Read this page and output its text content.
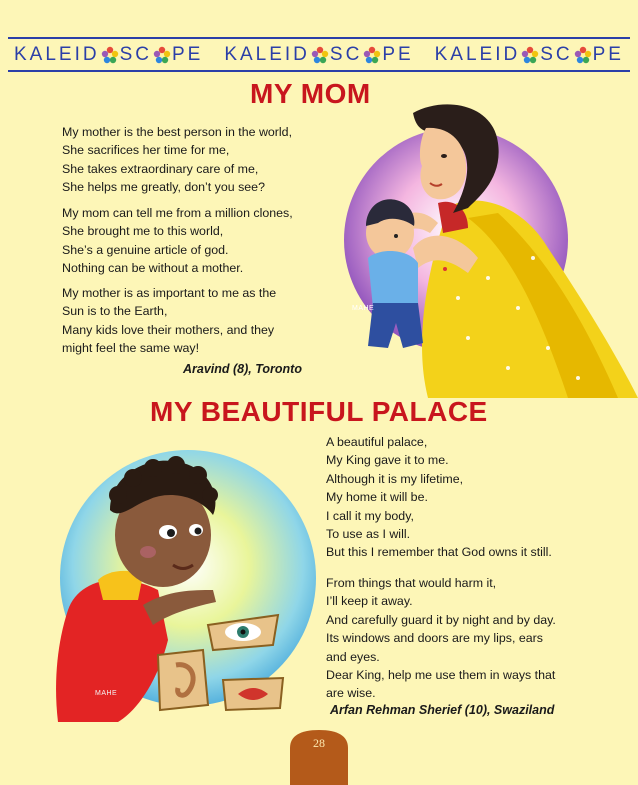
KALEID SC PE KALEID SC PE KALEID SC PE
MY MOM
My mother is the best person in the world,
She sacrifices her time for me,
She takes extraordinary care of me,
She helps me greatly, don’t you see?
My mom can tell me from a million clones,
She brought me to this world,
She’s a genuine article of god.
Nothing can be without a mother.
My mother is as important to me as the
Sun is to the Earth,
Many kids love their mothers, and they
might feel the same way!
Aravind (8), Toronto
MAHE
MY BEAUTIFUL PALACE
A beautiful palace,
My King gave it to me.
Although it is my lifetime,
My home it will be.
I call it my body,
To use as I will.
But this I remember that God owns it still.
From things that would harm it,
I’ll keep it away.
And carefully guard it by night and by day.
Its windows and doors are my lips, ears
and eyes.
Dear King, help me use them in ways that
are wise.
Arfan Rehman Sherief (10), Swaziland
MAHE
28
